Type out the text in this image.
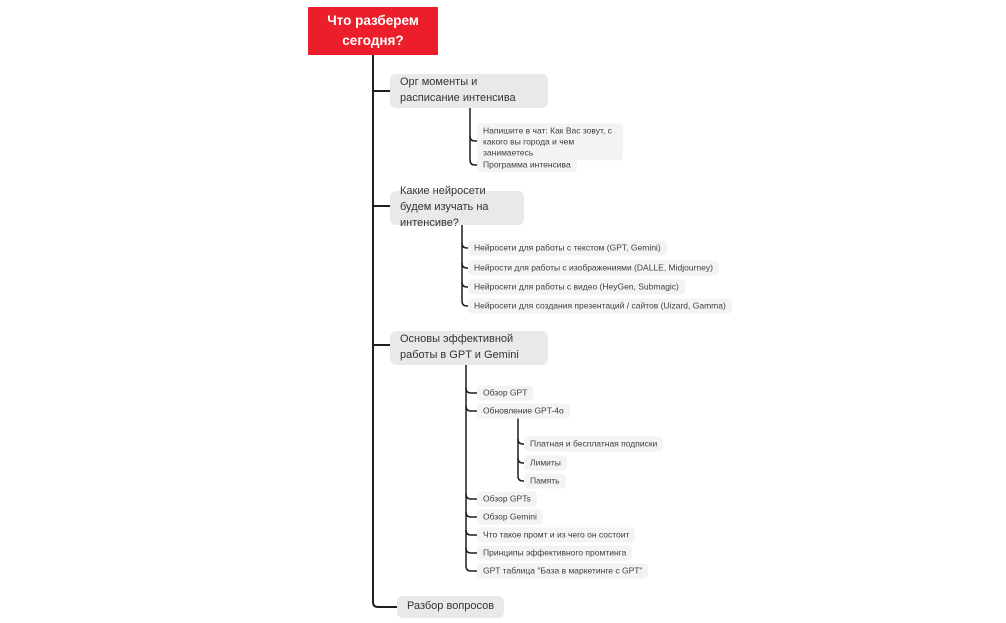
Что разберем сегодня?
Орг моменты и расписание интенсива
Напишите в чат: Как Вас зовут, с какого вы города и чем занимаетесь
Программа интенсива
Какие нейросети будем изучать на интенсиве?
Нейросети для работы с текстом (GPT, Gemini)
Нейрости для работы с изображениями (DALLE, Midjourney)
Нейросети для работы с видео (HeyGen, Submagic)
Нейросети для создания презентаций / сайтов (Uizard, Gamma)
Основы эффективной работы в GPT и Gemini
Обзор GPT
Обновление GPT-4o
Платная и бесплатная подписки
Лимиты
Память
Обзор GPTs
Обзор Gemini
Что такое промт и из чего он состоит
Принципы эффективного промтинга
GPT таблица "База в маркетинге с GPT"
Разбор вопросов
